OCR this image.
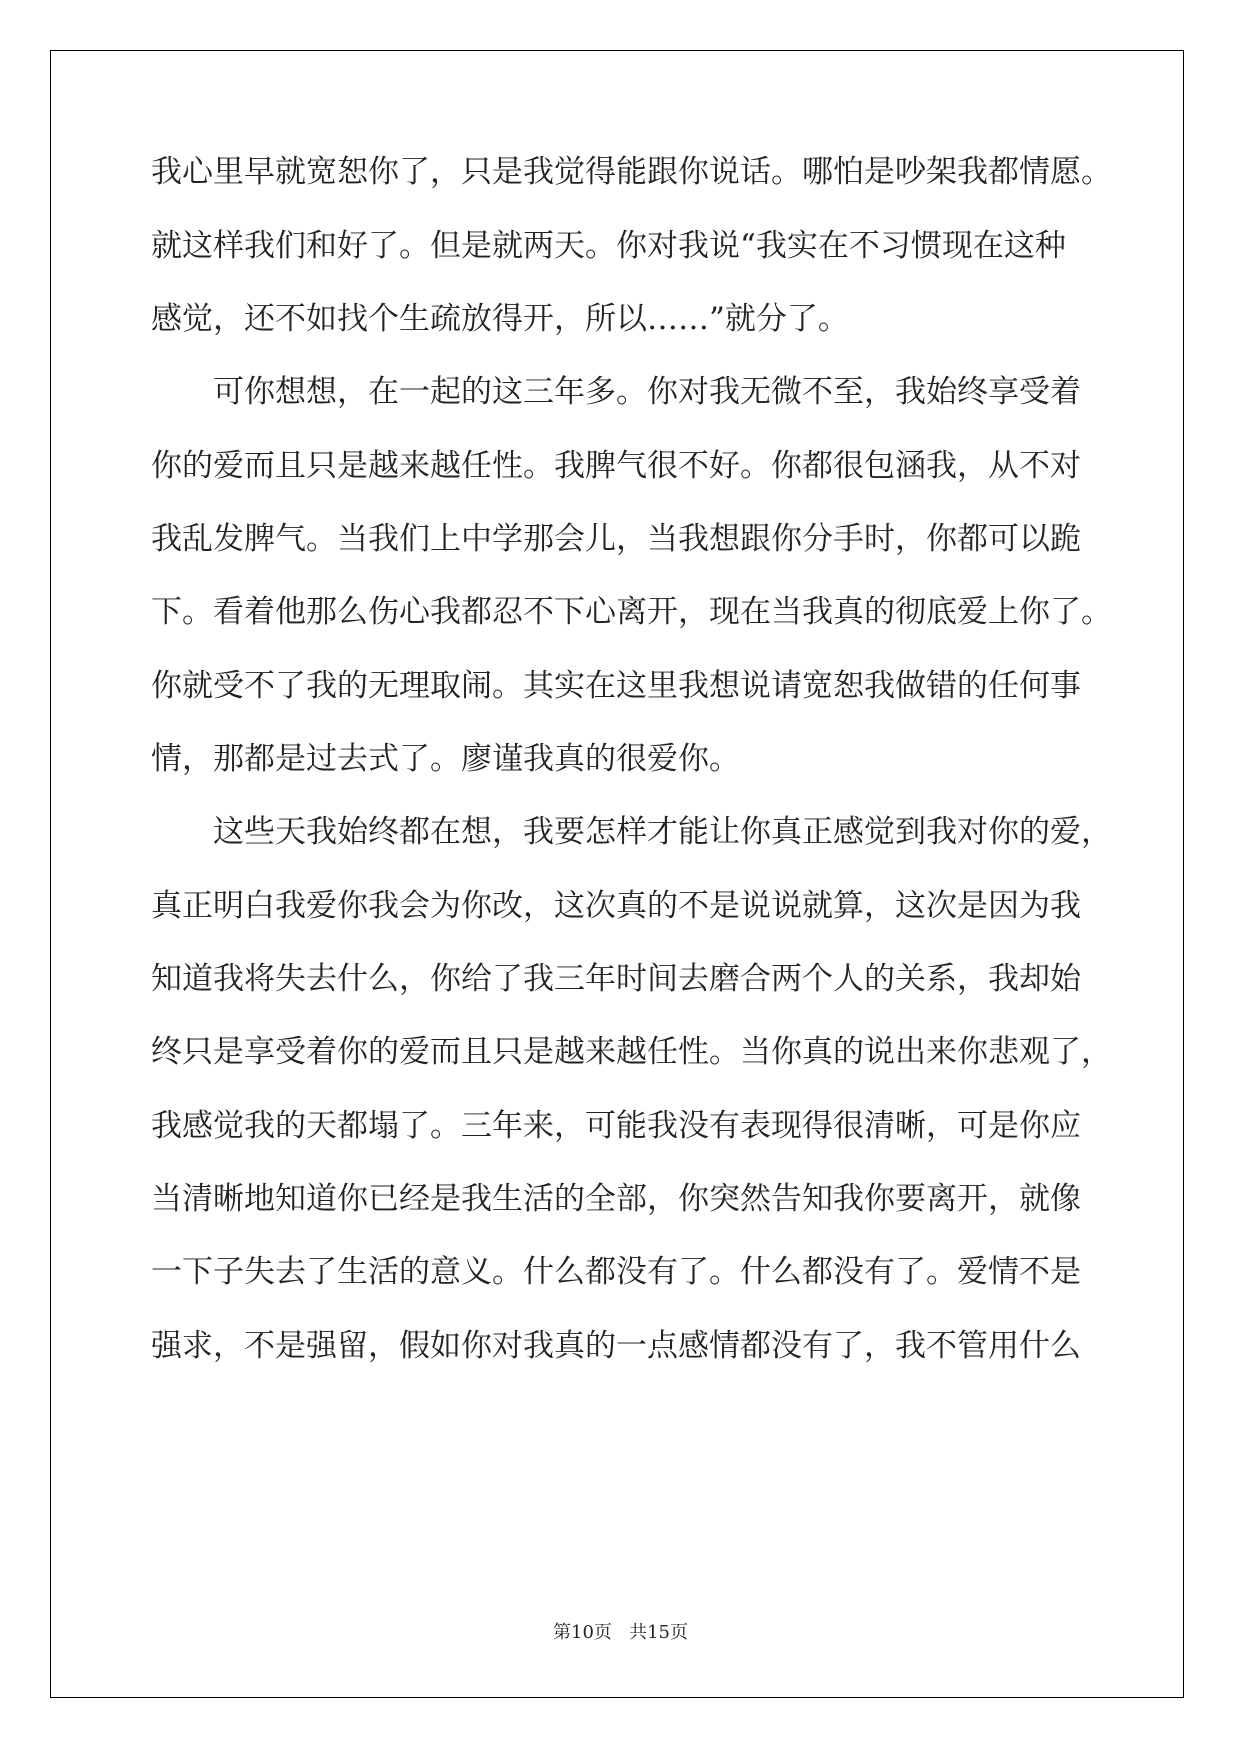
我心里早就宽恕你了，只是我觉得能跟你说话。哪怕是吵架我都情愿。
就这样我们和好了。但是就两天。你对我说“我实在不习惯现在这种
感觉，还不如找个生疏放得开，所以……”就分了。
　　可你想想，在一起的这三年多。你对我无微不至，我始终享受着
你的爱而且只是越来越任性。我脾气很不好。你都很包涵我，从不对
我乱发脾气。当我们上中学那会儿，当我想跟你分手时，你都可以跪
下。看着他那么伤心我都忍不下心离开，现在当我真的彻底爱上你了。
你就受不了我的无理取闹。其实在这里我想说请宽恕我做错的任何事
情，那都是过去式了。廖谨我真的很爱你。
　　这些天我始终都在想，我要怎样才能让你真正感觉到我对你的爱，
真正明白我爱你我会为你改，这次真的不是说说就算，这次是因为我
知道我将失去什么，你给了我三年时间去磨合两个人的关系，我却始
终只是享受着你的爱而且只是越来越任性。当你真的说出来你悲观了，
我感觉我的天都塌了。三年来，可能我没有表现得很清晰，可是你应
当清晰地知道你已经是我生活的全部，你突然告知我你要离开，就像
一下子失去了生活的意义。什么都没有了。什么都没有了。爱情不是
强求，不是强留，假如你对我真的一点感情都没有了，我不管用什么
第10页 共15页
